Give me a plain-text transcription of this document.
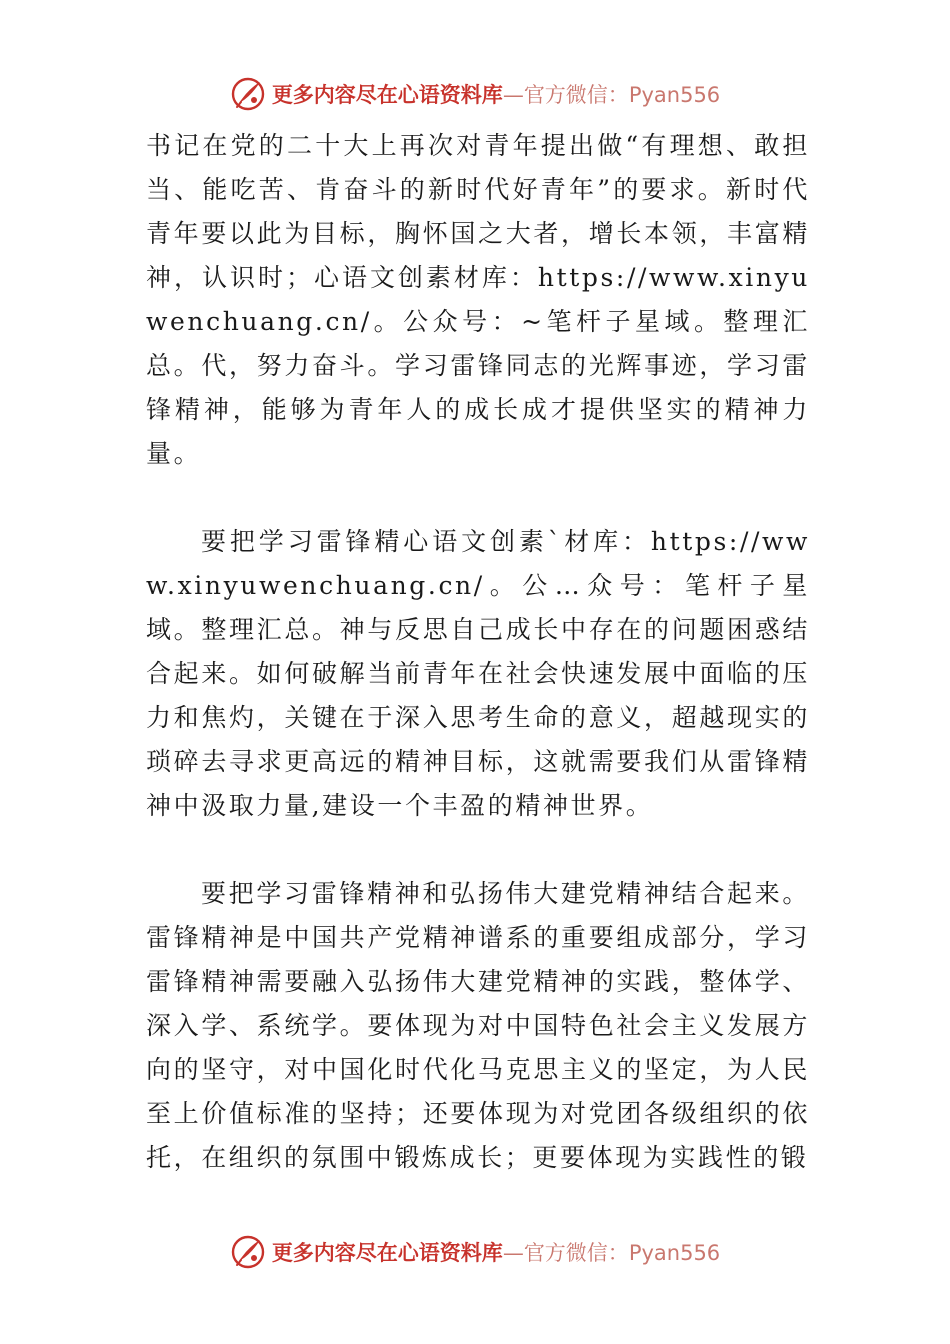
更多内容尽在心语资料库—官方微信：Pyan556

书记在党的二十大上再次对青年提出做“有理想、敢担当、能吃苦、肯奋斗的新时代好青年”的要求。新时代青年要以此为目标，胸怀国之大者，增长本领，丰富精神，认识时；心语文创素材库：https://www.xinyuwenchuang.cn/。公众号：~笔杆子星域。整理汇总。代，努力奋斗。学习雷锋同志的光辉事迹，学习雷锋精神，能够为青年人的成长成才提供坚实的精神力量。

要把学习雷锋精心语文创素`材库：https://www.xinyuwenchuang.cn/。公…众号：笔杆子星域。整理汇总。神与反思自己成长中存在的问题困惑结合起来。如何破解当前青年在社会快速发展中面临的压力和焦灼，关键在于深入思考生命的意义，超越现实的琐碎去寻求更高远的精神目标，这就需要我们从雷锋精神中汲取力量,建设一个丰盈的精神世界。

要把学习雷锋精神和弘扬伟大建党精神结合起来。雷锋精神是中国共产党精神谱系的重要组成部分，学习雷锋精神需要融入弘扬伟大建党精神的实践，整体学、深入学、系统学。要体现为对中国特色社会主义发展方向的坚守，对中国化时代化马克思主义的坚定，为人民至上价值标准的坚持；还要体现为对党团各级组织的依托，在组织的氛围中锻炼成长；更要体现为实践性的锻

更多内容尽在心语资料库—官方微信：Pyan556
